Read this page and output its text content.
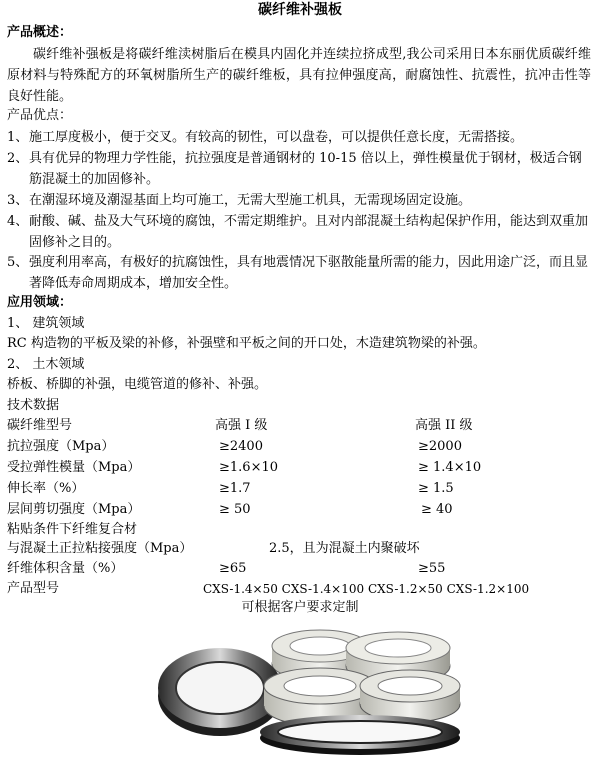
碳纤维补强板
产品概述：
碳纤维补强板是将碳纤维渎树脂后在模具内固化并连续拉挤成型,我公司采用日本东丽优质碳纤维原材料与特殊配方的环氧树脂所生产的碳纤维板，具有拉伸强度高，耐腐蚀性、抗震性，抗冲击性等良好性能。
产品优点：
1、 施工厚度极小，便于交叉。有较高的韧性，可以盘卷，可以提供任意长度，无需搭接。
2、 具有优异的物理力学性能，抗拉强度是普通钢材的 10-15 倍以上，弹性模量优于钢材，极适合钢筋混凝土的加固修补。
3、 在潮湿环境及潮湿基面上均可施工，无需大型施工机具，无需现场固定设施。
4、 耐酸、碱、盐及大气环境的腐蚀，不需定期维护。且对内部混凝土结构起保护作用，能达到双重加固修补之目的。
5、 强度利用率高，有极好的抗腐蚀性，具有地震情况下驱散能量所需的能力，因此用途广泛，而且显著降低寿命周期成本，增加安全性。
应用领域：
1、 建筑领域
RC 构造物的平板及梁的补修，补强壁和平板之间的开口处，木造建筑物梁的补强。
2、 土木领域
桥板、桥脚的补强，电缆管道的修补、补强。
技术数据
碳纤维型号	高强 I 级	高强 II 级
抗拉强度（Mpa）	≥2400	≥2000
受拉弹性模量（Mpa）	≥1.6×10	≥ 1.4×10
伸长率（%）	≥1.7	≥ 1.5
层间剪切强度（Mpa）	≥ 50	≥ 40
粘贴条件下纤维复合材
与混凝土正拉粘接强度（Mpa）	2.5，且为混凝土内聚破坏
纤维体积含量（%）	≥65	≥55
产品型号	CXS-1.4×50 CXS-1.4×100 CXS-1.2×50 CXS-1.2×100
可根据客户要求定制
